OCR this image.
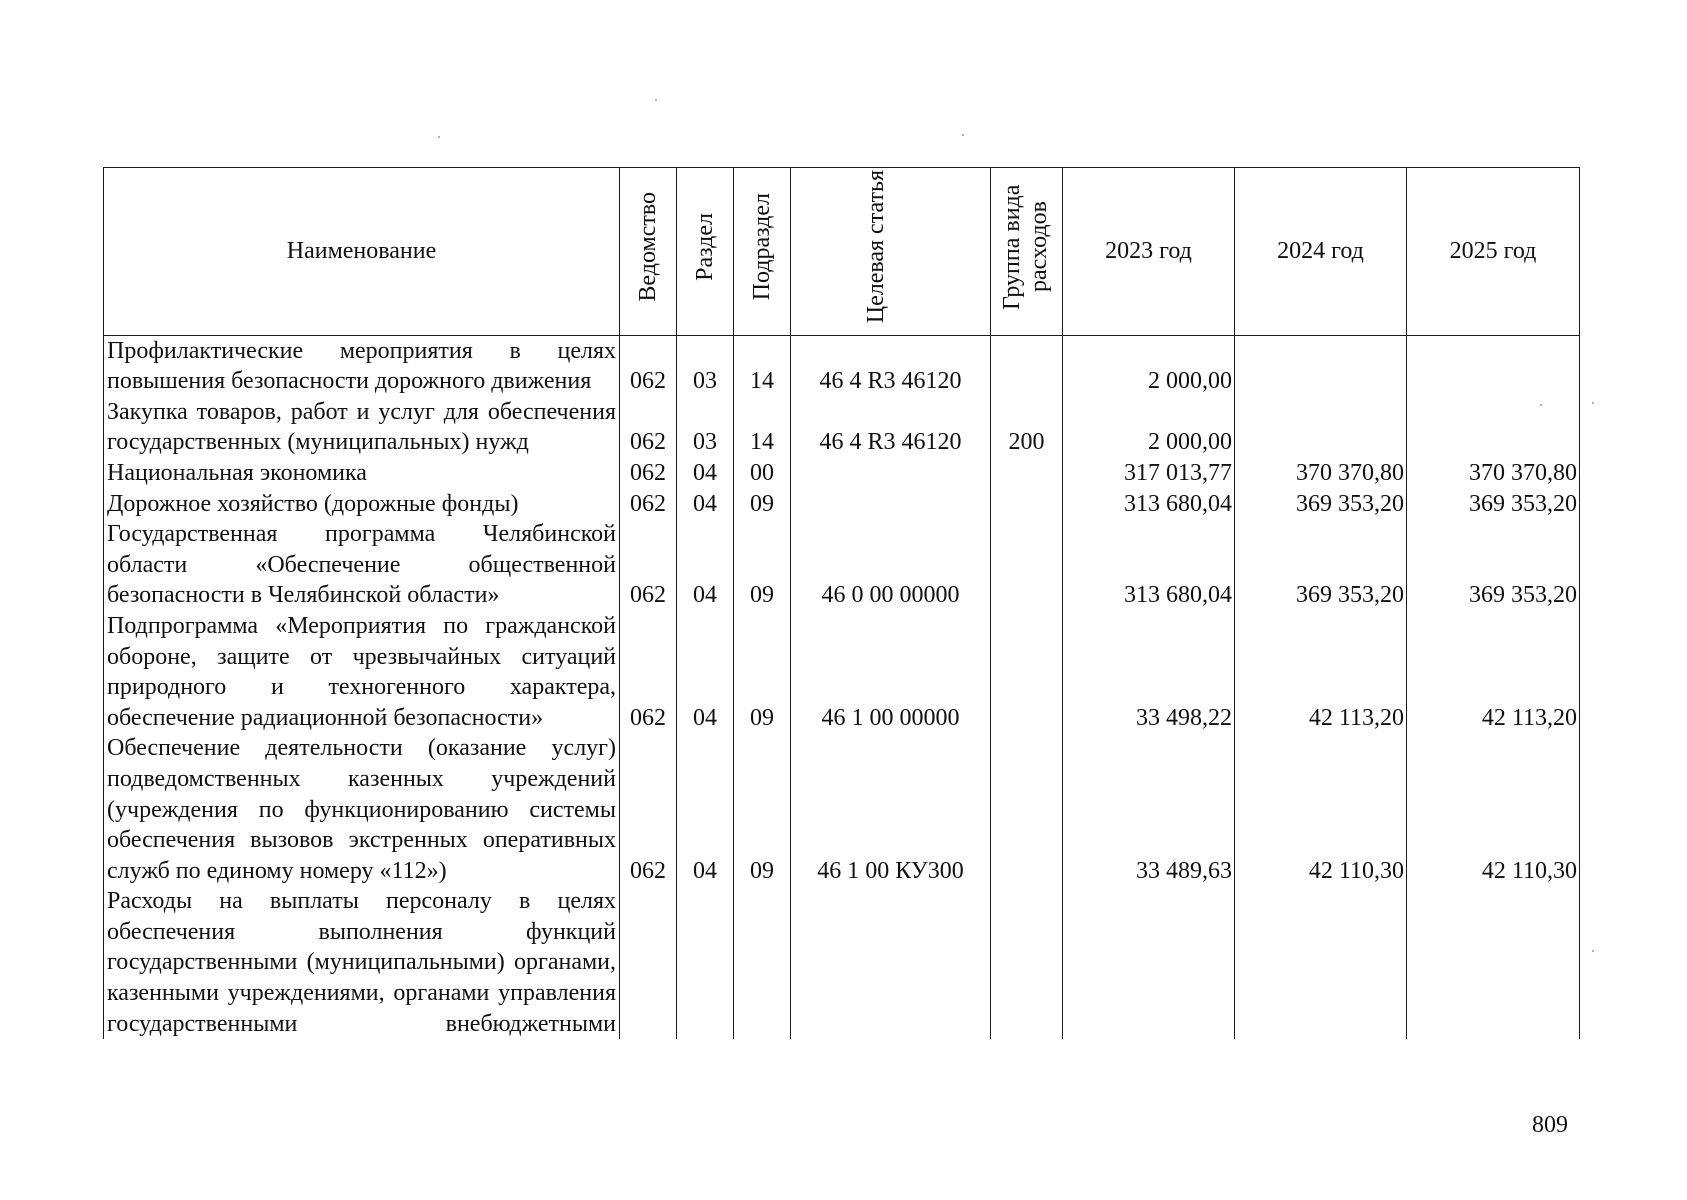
Наименование	Ведомство	Раздел	Подраздел	Целевая статья	Группа вида расходов	2023 год	2024 год	2025 год
Профилактические мероприятия в целях повышения безопасности дорожного движения	062	03	14	46 4 R3 46120		2 000,00		
Закупка товаров, работ и услуг для обеспечения государственных (муниципальных) нужд	062	03	14	46 4 R3 46120	200	2 000,00		
Национальная экономика	062	04	00			317 013,77	370 370,80	370 370,80
Дорожное хозяйство (дорожные фонды)	062	04	09			313 680,04	369 353,20	369 353,20
Государственная программа Челябинской области «Обеспечение общественной безопасности в Челябинской области»	062	04	09	46 0 00 00000		313 680,04	369 353,20	369 353,20
Подпрограмма «Мероприятия по гражданской обороне, защите от чрезвычайных ситуаций природного и техногенного характера, обеспечение радиационной безопасности»	062	04	09	46 1 00 00000		33 498,22	42 113,20	42 113,20
Обеспечение деятельности (оказание услуг) подведомственных казенных учреждений (учреждения по функционированию системы обеспечения вызовов экстренных оперативных служб по единому номеру «112»)	062	04	09	46 1 00 КУ300		33 489,63	42 110,30	42 110,30
Расходы на выплаты персоналу в целях обеспечения выполнения функций государственными (муниципальными) органами, казенными учреждениями, органами управления государственными внебюджетными								
809
